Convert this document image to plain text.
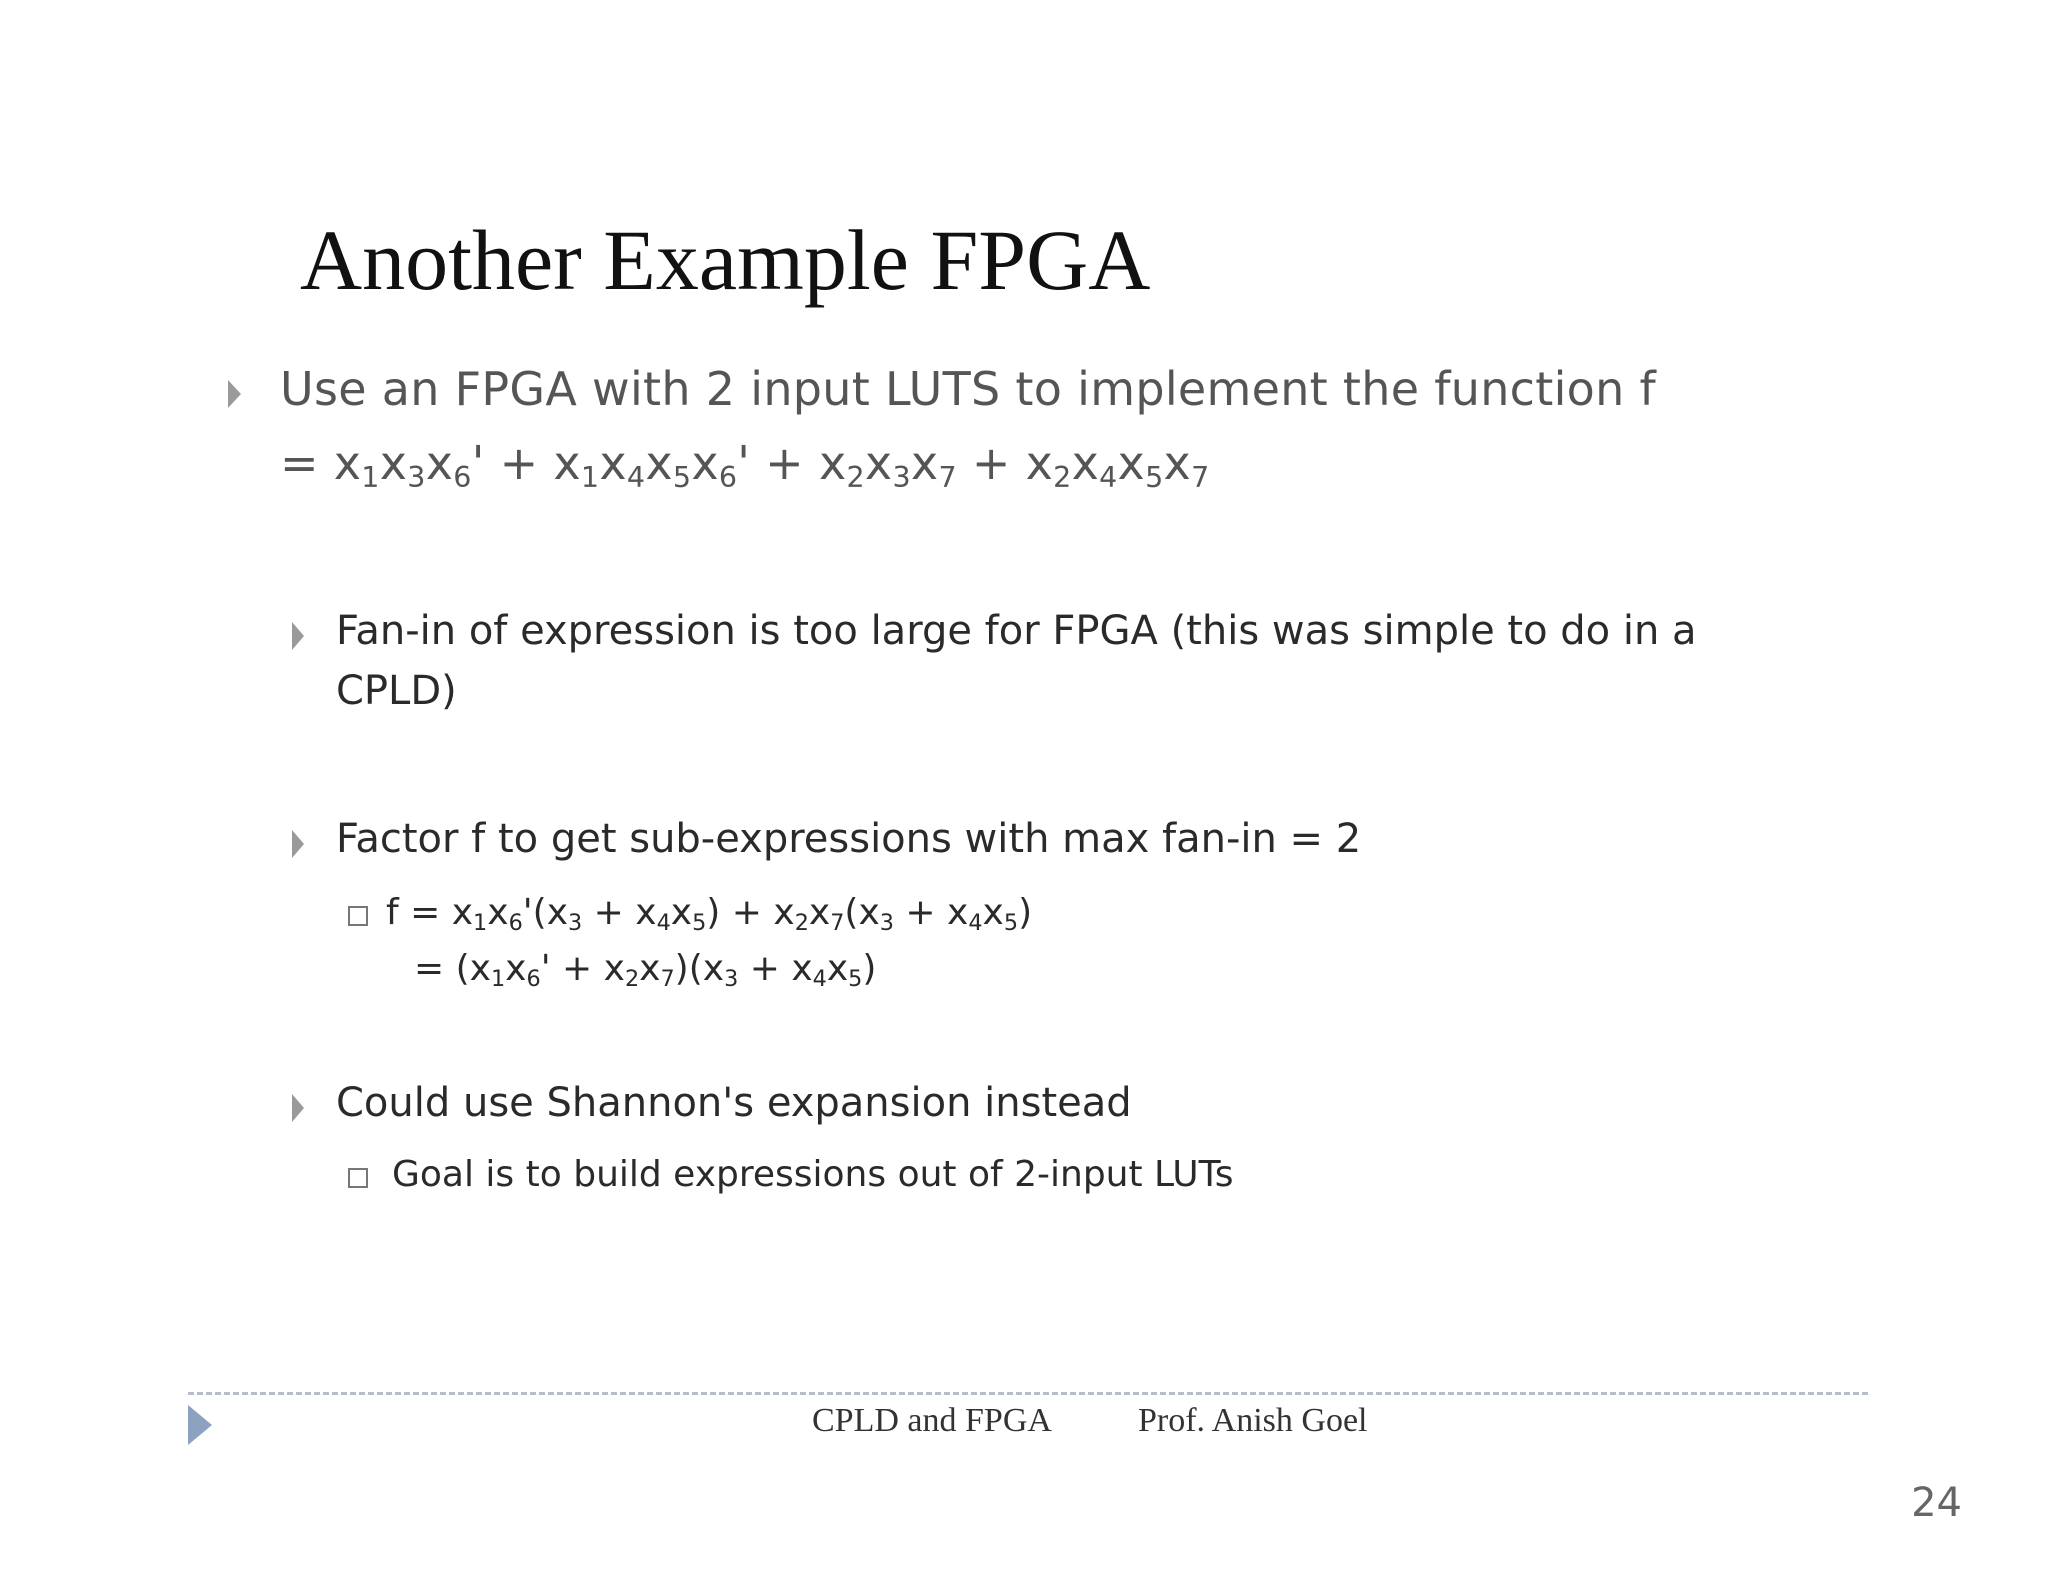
Another Example FPGA
Use an FPGA with 2 input LUTS to implement the function f
= $x_1x_3x_6' + x_1x_4x_5x_6' + x_2x_3x_7 + x_2x_4x_5x_7$
Fan-in of expression is too large for FPGA (this was simple to do in a
CPLD)
Factor f to get sub-expressions with max fan-in = 2
$f = x_1x_6'(x_3 + x_4x_5) + x_2x_7(x_3 + x_4x_5)$
= $(x_1x_6' + x_2x_7)(x_3 + x_4x_5)$
Could use Shannon's expansion instead
Goal is to build expressions out of 2-input LUTs
CPLD and FPGA	Prof. Anish Goel
24
